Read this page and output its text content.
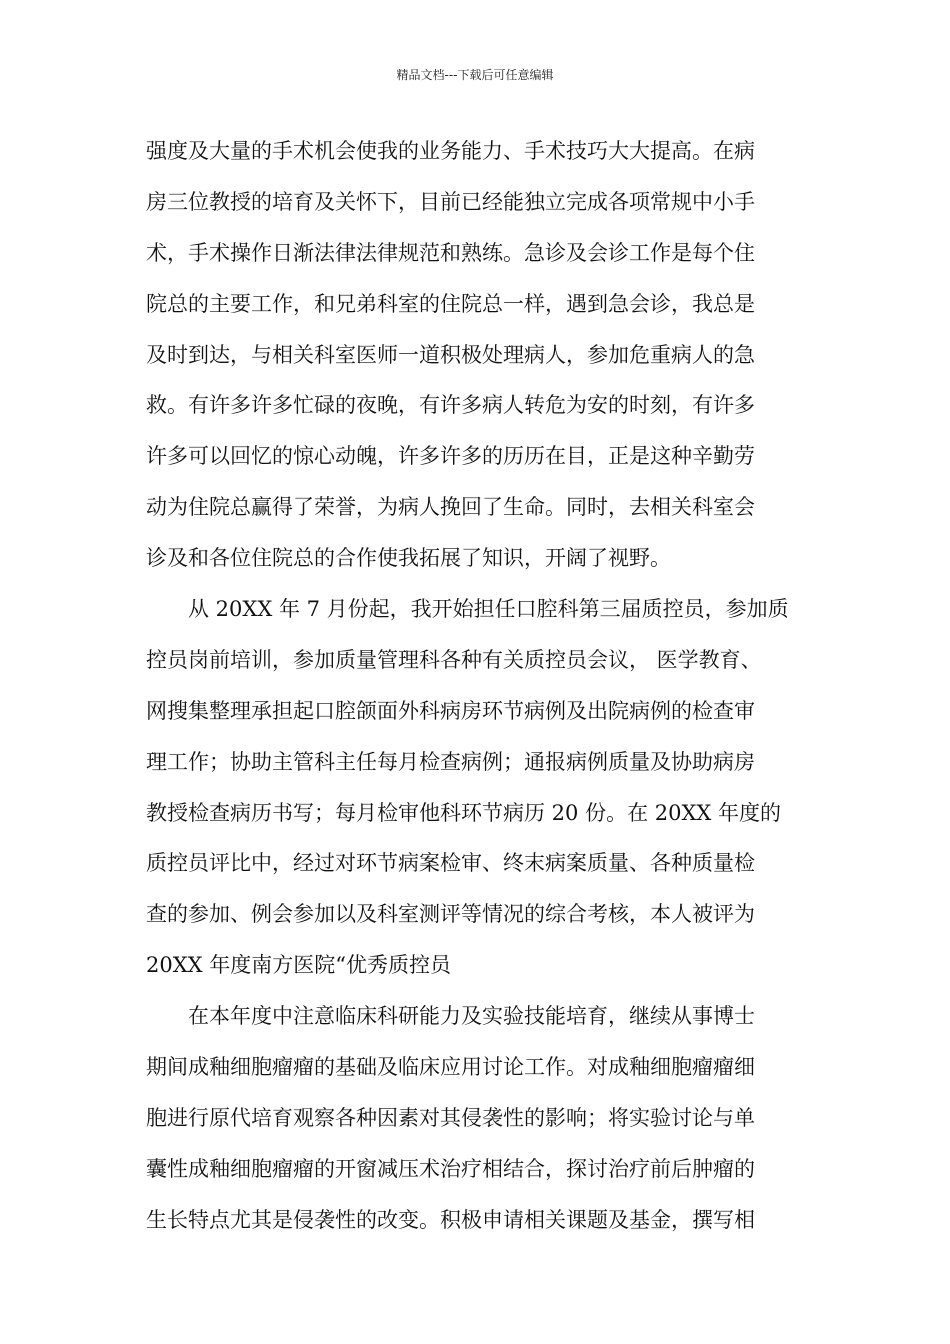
精品文档---下载后可任意编辑
强度及大量的手术机会使我的业务能力、手术技巧大大提高。在病
房三位教授的培育及关怀下，目前已经能独立完成各项常规中小手
术，手术操作日渐法律法律规范和熟练。急诊及会诊工作是每个住
院总的主要工作，和兄弟科室的住院总一样，遇到急会诊，我总是
及时到达，与相关科室医师一道积极处理病人，参加危重病人的急
救。有许多许多忙碌的夜晚，有许多病人转危为安的时刻，有许多
许多可以回忆的惊心动魄，许多许多的历历在目，正是这种辛勤劳
动为住院总赢得了荣誉，为病人挽回了生命。同时，去相关科室会
诊及和各位住院总的合作使我拓展了知识，开阔了视野。
从 20XX 年 7 月份起，我开始担任口腔科第三届质控员，参加质
控员岗前培训，参加质量管理科各种有关质控员会议， 医学教育、
网搜集整理承担起口腔颌面外科病房环节病例及出院病例的检查审
理工作；协助主管科主任每月检查病例；通报病例质量及协助病房
教授检查病历书写；每月检审他科环节病历 20 份。在 20XX 年度的
质控员评比中，经过对环节病案检审、终末病案质量、各种质量检
查的参加、例会参加以及科室测评等情况的综合考核，本人被评为
20XX 年度南方医院“优秀质控员
在本年度中注意临床科研能力及实验技能培育，继续从事博士
期间成釉细胞瘤瘤的基础及临床应用讨论工作。对成釉细胞瘤瘤细
胞进行原代培育观察各种因素对其侵袭性的影响；将实验讨论与单
囊性成釉细胞瘤瘤的开窗减压术治疗相结合，探讨治疗前后肿瘤的
生长特点尤其是侵袭性的改变。积极申请相关课题及基金，撰写相
